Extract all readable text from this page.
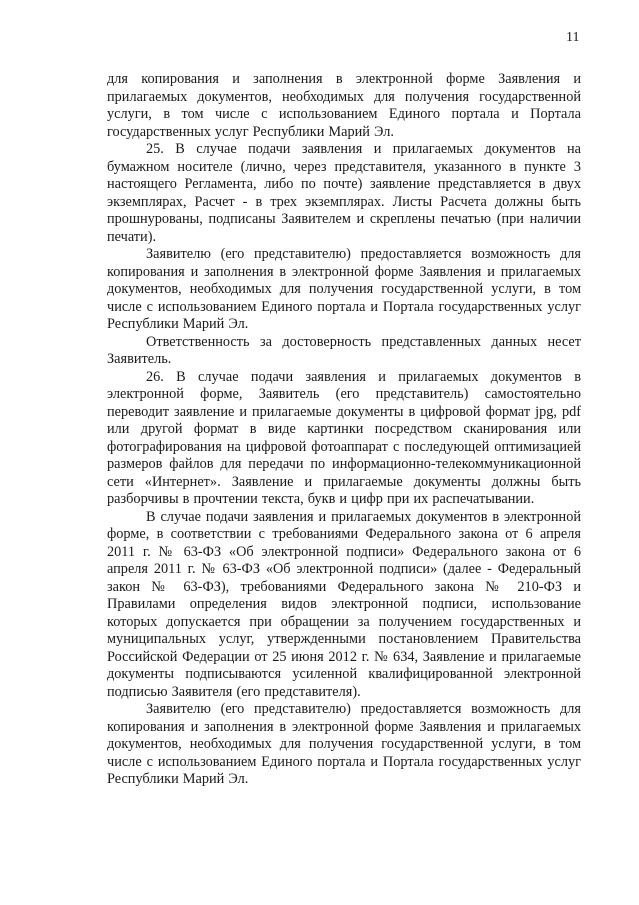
11

для копирования и заполнения в электронной форме Заявления и прилагаемых документов, необходимых для получения государственной услуги, в том числе с использованием Единого портала и Портала государственных услуг Республики Марий Эл.

25. В случае подачи заявления и прилагаемых документов на бумажном носителе (лично, через представителя, указанного в пункте 3 настоящего Регламента, либо по почте) заявление представляется в двух экземплярах, Расчет - в трех экземплярах. Листы Расчета должны быть прошнурованы, подписаны Заявителем и скреплены печатью (при наличии печати).

Заявителю (его представителю) предоставляется возможность для копирования и заполнения в электронной форме Заявления и прилагаемых документов, необходимых для получения государственной услуги, в том числе с использованием Единого портала и Портала государственных услуг Республики Марий Эл.

Ответственность за достоверность представленных данных несет Заявитель.

26. В случае подачи заявления и прилагаемых документов в электронной форме, Заявитель (его представитель) самостоятельно переводит заявление и прилагаемые документы в цифровой формат jpg, pdf или другой формат в виде картинки посредством сканирования или фотографирования на цифровой фотоаппарат с последующей оптимизацией размеров файлов для передачи по информационно-телекоммуникационной сети «Интернет». Заявление и прилагаемые документы должны быть разборчивы в прочтении текста, букв и цифр при их распечатывании.

В случае подачи заявления и прилагаемых документов в электронной форме, в соответствии с требованиями Федерального закона от 6 апреля 2011 г. № 63-ФЗ «Об электронной подписи» Федерального закона от 6 апреля 2011 г. № 63-ФЗ «Об электронной подписи» (далее - Федеральный закон № 63-ФЗ), требованиями Федерального закона № 210-ФЗ и Правилами определения видов электронной подписи, использование которых допускается при обращении за получением государственных и муниципальных услуг, утвержденными постановлением Правительства Российской Федерации от 25 июня 2012 г. № 634, Заявление и прилагаемые документы подписываются усиленной квалифицированной электронной подписью Заявителя (его представителя).

Заявителю (его представителю) предоставляется возможность для копирования и заполнения в электронной форме Заявления и прилагаемых документов, необходимых для получения государственной услуги, в том числе с использованием Единого портала и Портала государственных услуг Республики Марий Эл.
